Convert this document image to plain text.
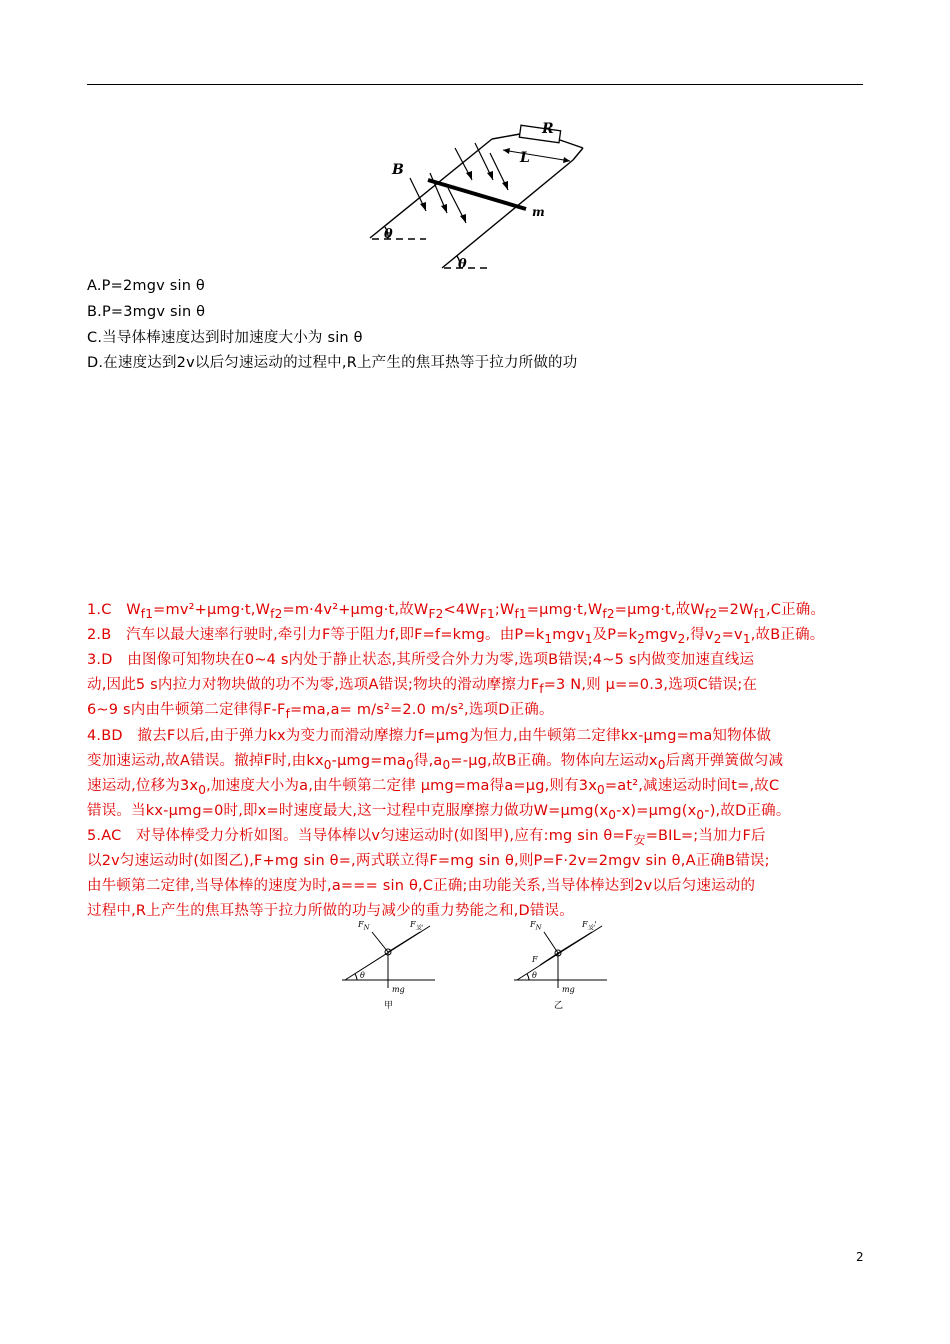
R
L
B
m
θ
θ
A.P=2mgv sin θ
B.P=3mgv sin θ
C.当导体棒速度达到时加速度大小为 sin θ
D.在速度达到2v以后匀速运动的过程中,R上产生的焦耳热等于拉力所做的功
1.C　$W_{f1}=mv^2+\mu mg\cdot t,W_{f2}=m\cdot 4v^2+\mu mg\cdot t$,故$W_{F2}<4W_{F1};W_{f1}=\mu mg\cdot t,W_{f2}=\mu mg\cdot t$,故$W_{f2}=2W_{f1},C$正确。
2.B　汽车以最大速率行驶时,牵引力F等于阻力f,即F=f=kmg。由$P=k_1mgv_1$及$P=k_2mgv_2$,得$v_2=v_1$,故B正确。
3.D　由图像可知物块在0~4 s内处于静止状态,其所受合外力为零,选项B错误;4~5 s内做变加速直线运
动,因此5 s内拉力对物块做的功不为零,选项A错误;物块的滑动摩擦力$F_f=3$ N,则 μ==0.3,选项C错误;在
6~9 s内由牛顿第二定律得$F-F_f=ma,a= m/s^2=2.0$ m/s²,选项D正确。
4.BD　撤去F以后,由于弹力kx为变力而滑动摩擦力f=μmg为恒力,由牛顿第二定律kx-μmg=ma知物体做
变加速运动,故A错误。撤掉F时,由$kx_0-\mu mg=ma_0$得$,a_0=-\mu g$,故B正确。物体向左运动$x_0$后离开弹簧做匀减
速运动,位移为$3x_0$,加速度大小为a,由牛顿第二定律 μmg=ma得a=μg,则有$3x_0=at^2$,减速运动时间t=,故C
错误。当kx-μmg=0时,即x=时速度最大,这一过程中克服摩擦力做功$W=\mu mg(x_0-x)=\mu mg(x_0-)$,故D正确。
5.AC　对导体棒受力分析如图。当导体棒以v匀速运动时(如图甲),应有:mg $\sin \theta=F_安=BIL=$;当加力F后
以2v匀速运动时(如图乙),F+mg sin θ=,两式联立得F=mg sin θ,则P=F·2v=2mgv sin θ,A正确B错误;
由牛顿第二定律,当导体棒的速度为时,a=== sin θ,C正确;由功能关系,当导体棒达到2v以后匀速运动的
过程中,R上产生的焦耳热等于拉力所做的功与减少的重力势能之和,D错误。
$F_N$	$F_安$
θ
mg
甲
$F_N$	$F_安'$
F
θ
mg
乙
2
